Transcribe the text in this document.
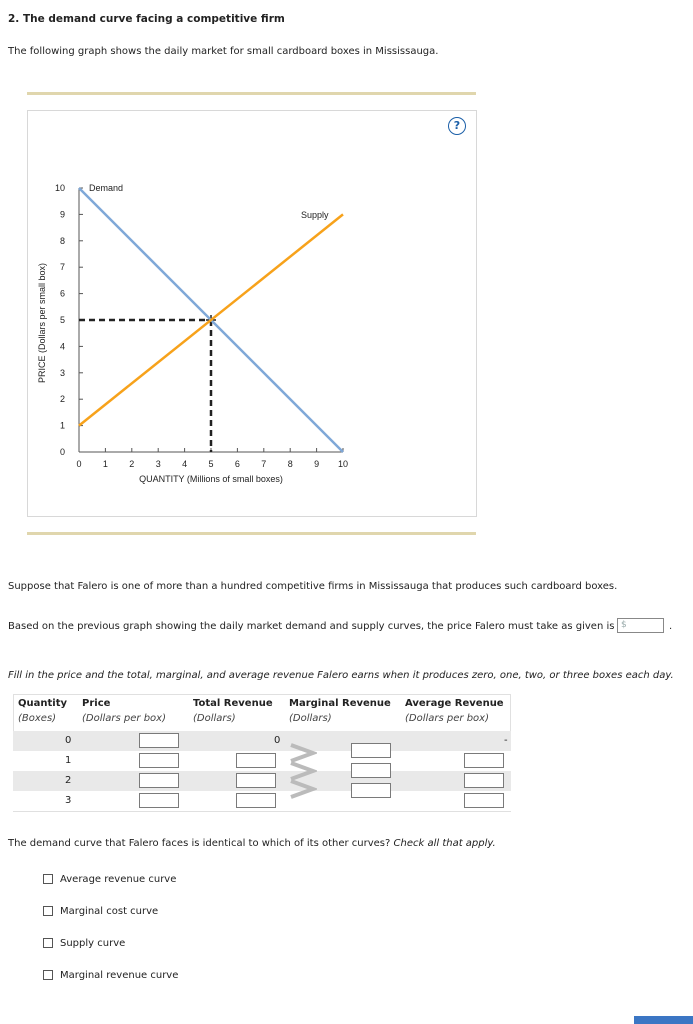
2. The demand curve facing a competitive firm
The following graph shows the daily market for small cardboard boxes in Mississauga.
?
0
1
2
3
4
5
6
7
8
9
10
0 1 2 3 4 5 6 7 8 9 10
Demand
Supply
QUANTITY (Millions of small boxes)
PRICE (Dollars per small box)
Suppose that Falero is one of more than a hundred competitive firms in Mississauga that produces such cardboard boxes.
Based on the previous graph showing the daily market demand and supply curves, the price Falero must take as given is $	.
Fill in the price and the total, marginal, and average revenue Falero earns when it produces zero, one, two, or three boxes each day.
Quantity
(Boxes)
Price
(Dollars per box)
Total Revenue
(Dollars)
Marginal Revenue
(Dollars)
Average Revenue
(Dollars per box)
0
1
2
3
0	-
The demand curve that Falero faces is identical to which of its other curves? Check all that apply.
Average revenue curve
Marginal cost curve
Supply curve
Marginal revenue curve
